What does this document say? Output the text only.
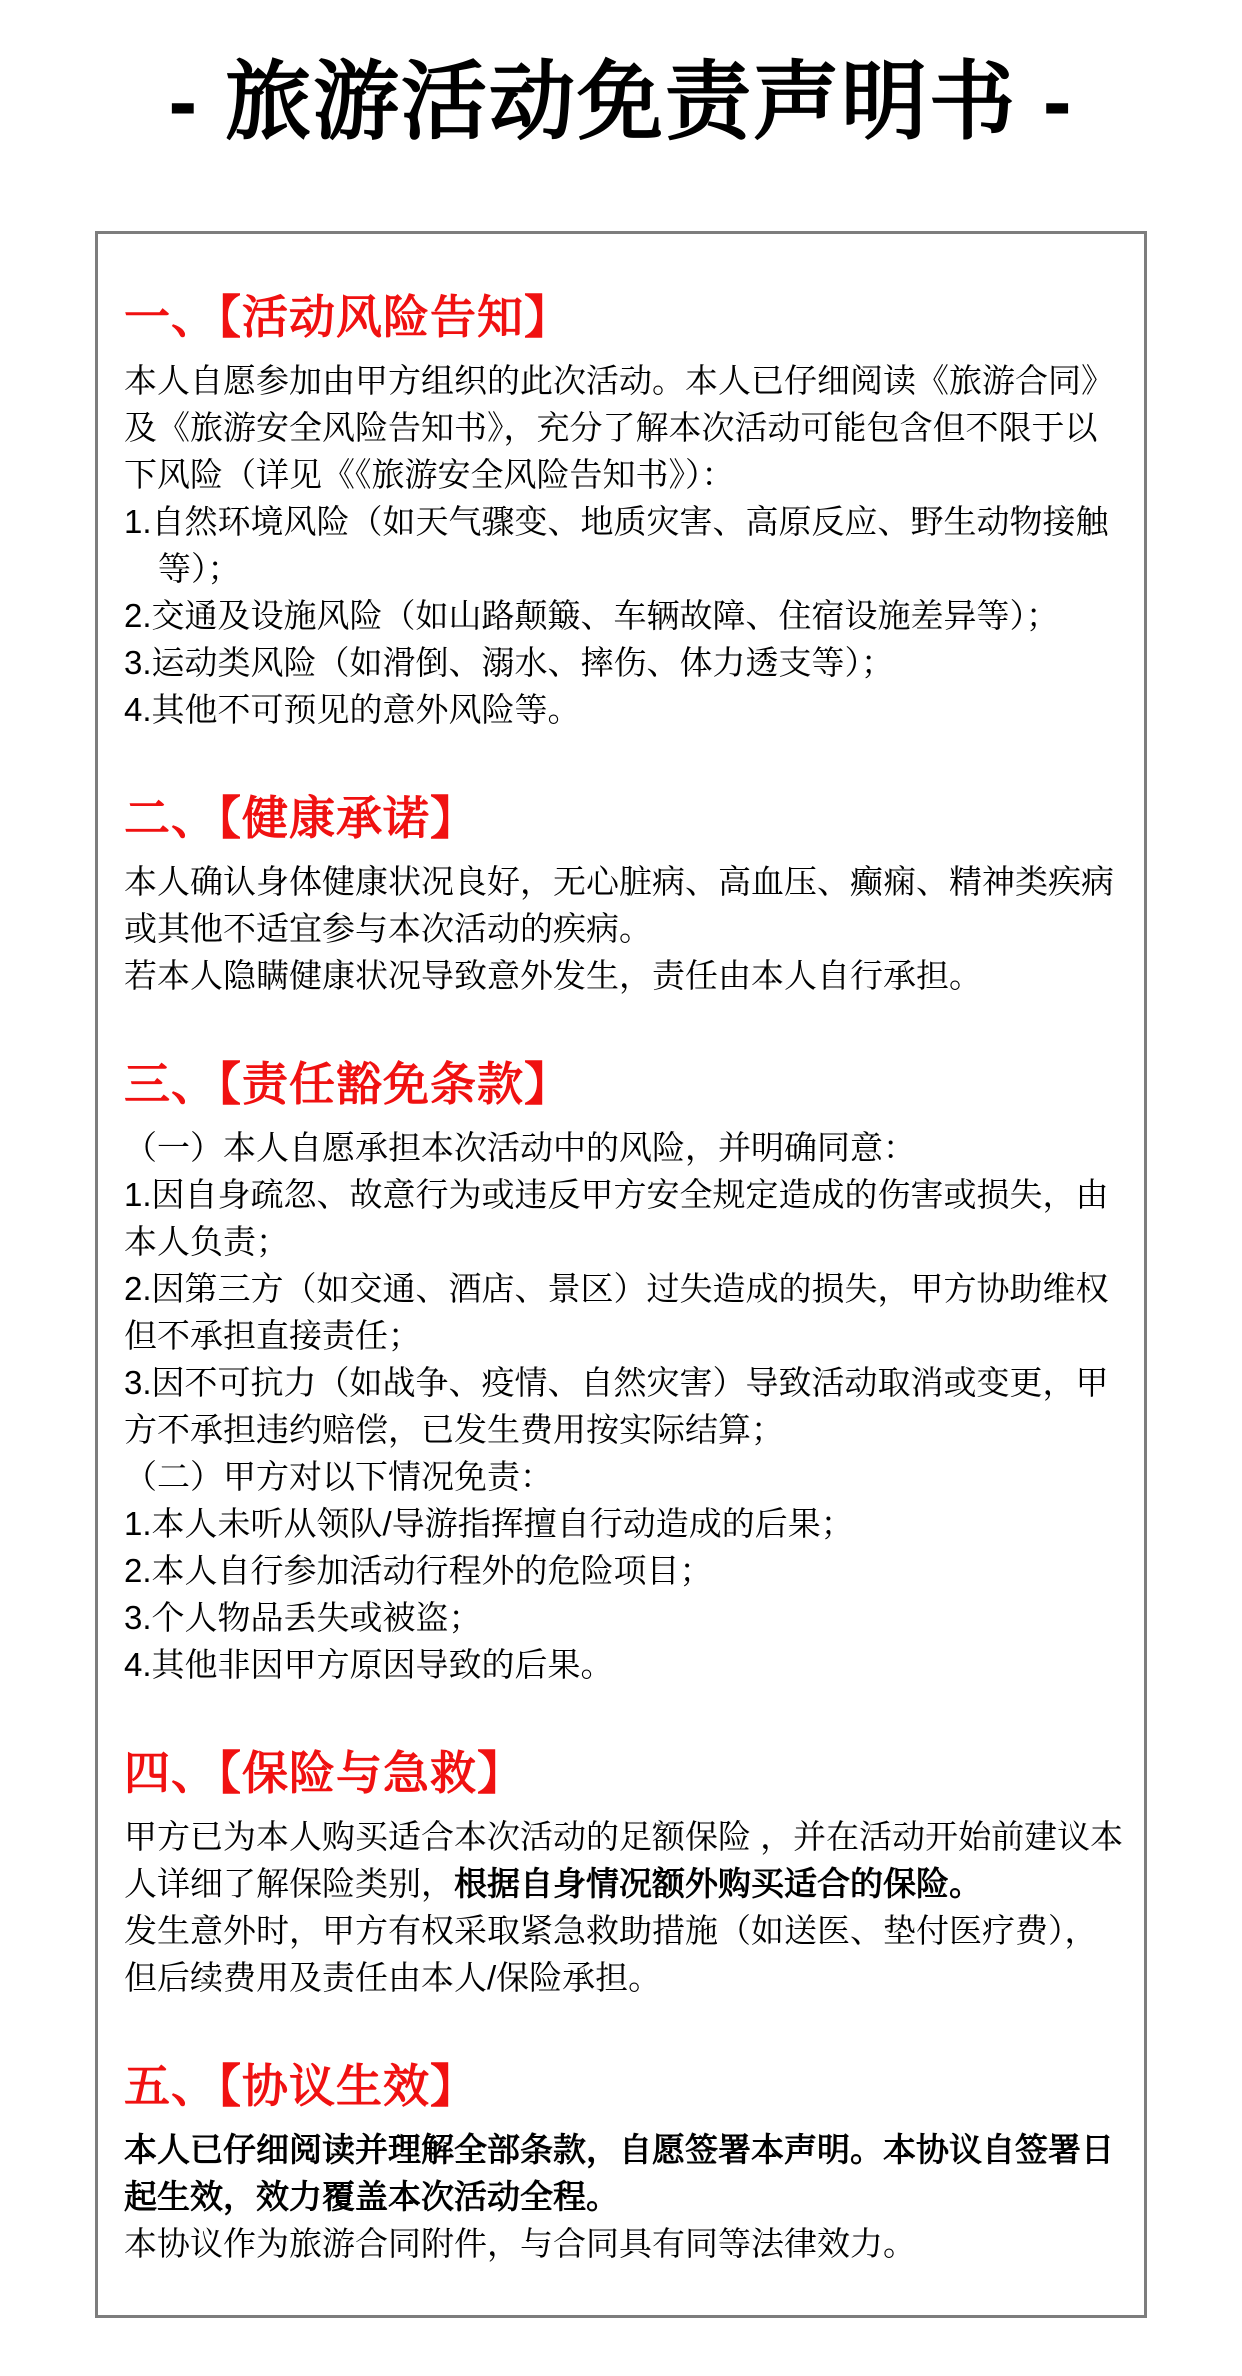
- 旅游活动免责声明书 -
一、【活动风险告知】

本人自愿参加由甲方组织的此次活动。本人已仔细阅读《旅游合同》及《旅游安全风险告知书》，充分了解本次活动可能包含但不限于以下风险（详见《《旅游安全风险告知书》）：

1.自然环境风险（如天气骤变、地质灾害、高原反应、野生动物接触等）；

2.交通及设施风险（如山路颠簸、车辆故障、住宿设施差异等）；

3.运动类风险（如滑倒、溺水、摔伤、体力透支等）；

4.其他不可预见的意外风险等。

二、【健康承诺】

本人确认身体健康状况良好，无心脏病、高血压、癫痫、精神类疾病或其他不适宜参与本次活动的疾病。

若本人隐瞒健康状况导致意外发生，责任由本人自行承担。

三、【责任豁免条款】

（一）本人自愿承担本次活动中的风险，并明确同意：

1.因自身疏忽、故意行为或违反甲方安全规定造成的伤害或损失，由本人负责；

2.因第三方（如交通、酒店、景区）过失造成的损失，甲方协助维权但不承担直接责任；

3.因不可抗力（如战争、疫情、自然灾害）导致活动取消或变更，甲方不承担违约赔偿，已发生费用按实际结算；

（二）甲方对以下情况免责：

1.本人未听从领队/导游指挥擅自行动造成的后果；

2.本人自行参加活动行程外的危险项目；

3.个人物品丢失或被盗；

4.其他非因甲方原因导致的后果。

四、【保险与急救】

甲方已为本人购买适合本次活动的足额保险 ，并在活动开始前建议本人详细了解保险类别，根据自身情况额外购买适合的保险。

发生意外时，甲方有权采取紧急救助措施（如送医、垫付医疗费），但后续费用及责任由本人/保险承担。

五、【协议生效】

本人已仔细阅读并理解全部条款，自愿签署本声明。本协议自签署日起生效，效力覆盖本次活动全程。

本协议作为旅游合同附件，与合同具有同等法律效力。
